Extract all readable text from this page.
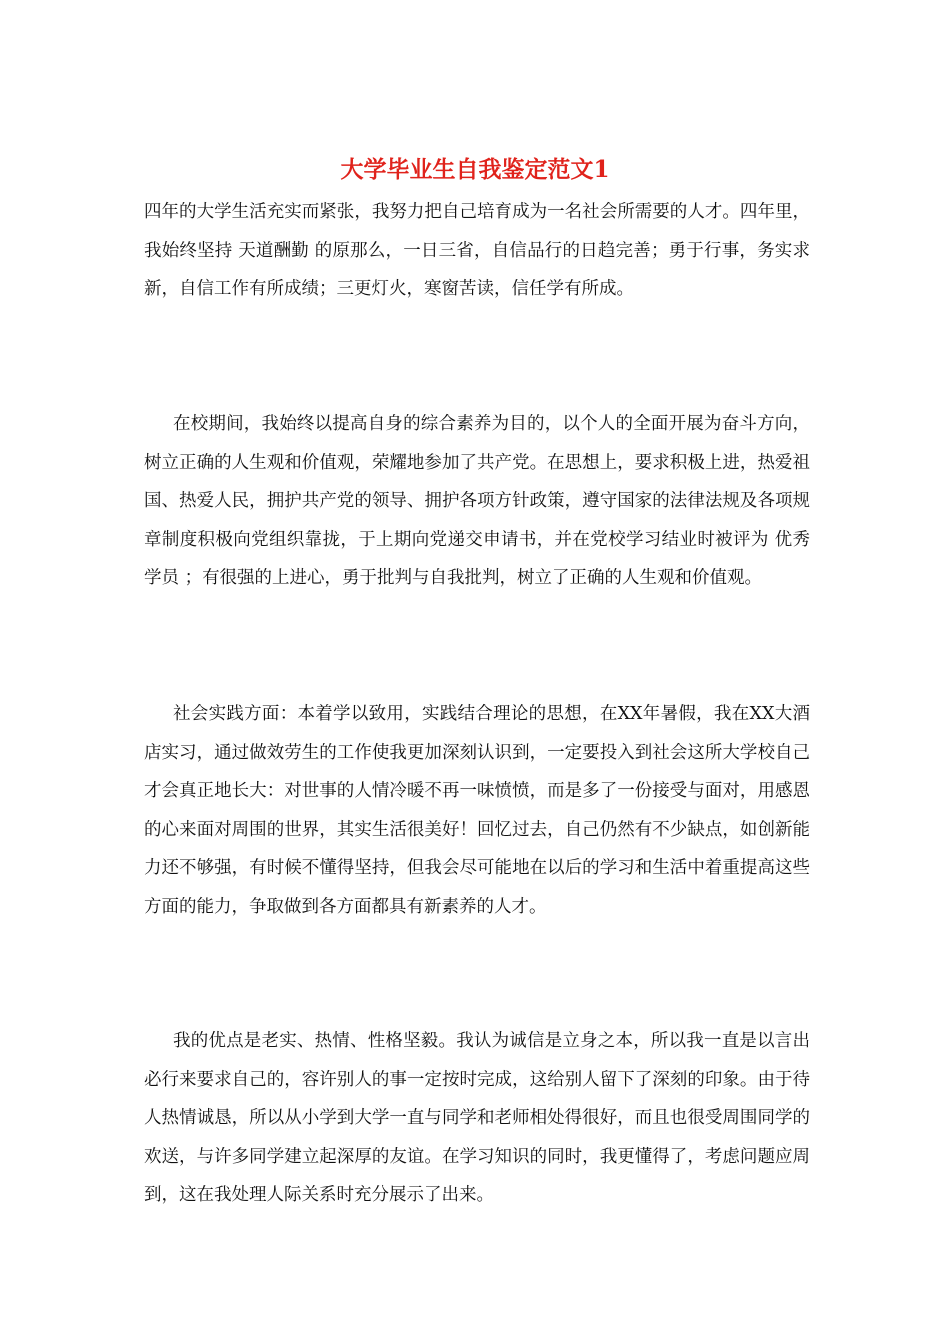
大学毕业生自我鉴定范文1

四年的大学生活充实而紧张，我努力把自己培育成为一名社会所需要的人才。四年里，我始终坚持 天道酬勤 的原那么，一日三省，自信品行的日趋完善；勇于行事，务实求新，自信工作有所成绩；三更灯火，寒窗苦读，信任学有所成。

在校期间，我始终以提高自身的综合素养为目的，以个人的全面开展为奋斗方向，树立正确的人生观和价值观，荣耀地参加了共产党。在思想上，要求积极上进，热爱祖国、热爱人民，拥护共产党的领导、拥护各项方针政策，遵守国家的法律法规及各项规章制度积极向党组织靠拢，于上期向党递交申请书，并在党校学习结业时被评为 优秀学员 ；有很强的上进心，勇于批判与自我批判，树立了正确的人生观和价值观。

社会实践方面：本着学以致用，实践结合理论的思想，在XX年暑假，我在XX大酒店实习，通过做效劳生的工作使我更加深刻认识到，一定要投入到社会这所大学校自己才会真正地长大：对世事的人情冷暖不再一味愤愤，而是多了一份接受与面对，用感恩的心来面对周围的世界，其实生活很美好！回忆过去，自己仍然有不少缺点，如创新能力还不够强，有时候不懂得坚持，但我会尽可能地在以后的学习和生活中着重提高这些方面的能力，争取做到各方面都具有新素养的人才。

我的优点是老实、热情、性格坚毅。我认为诚信是立身之本，所以我一直是以言出必行来要求自己的，容许别人的事一定按时完成，这给别人留下了深刻的印象。由于待人热情诚恳，所以从小学到大学一直与同学和老师相处得很好，而且也很受周围同学的欢送，与许多同学建立起深厚的友谊。在学习知识的同时，我更懂得了，考虑问题应周到，这在我处理人际关系时充分展示了出来。
